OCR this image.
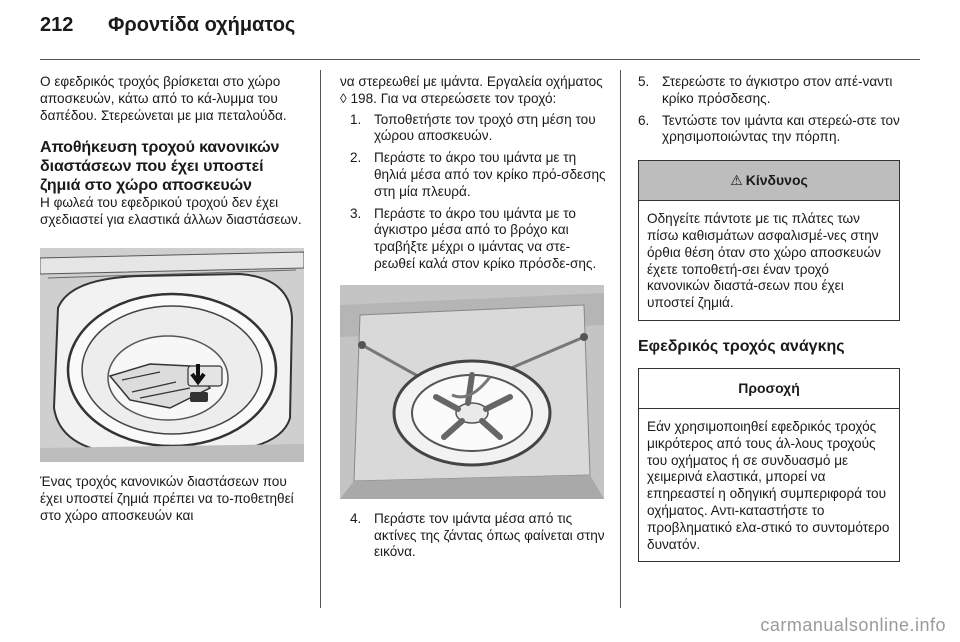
212	Φροντίδα οχήματος

Ο εφεδρικός τροχός βρίσκεται στο χώρο αποσκευών, κάτω από το κά-λυμμα του δαπέδου. Στερεώνεται με μια πεταλούδα.

Αποθήκευση τροχού κανονικών διαστάσεων που έχει υποστεί ζημιά στο χώρο αποσκευών

Η φωλεά του εφεδρικού τροχού δεν έχει σχεδιαστεί για ελαστικά άλλων διαστάσεων.

Ένας τροχός κανονικών διαστάσεων που έχει υποστεί ζημιά πρέπει να το-ποθετηθεί στο χώρο αποσκευών και

να στερεωθεί με ιμάντα. Εργαλεία οχήματος ◊ 198. Για να στερεώσετε τον τροχό:

1. Τοποθετήστε τον τροχό στη μέση του χώρου αποσκευών.
2. Περάστε το άκρο του ιμάντα με τη θηλιά μέσα από τον κρίκο πρό-σδεσης στη μία πλευρά.
3. Περάστε το άκρο του ιμάντα με το άγκιστρο μέσα από το βρόχο και τραβήξτε μέχρι ο ιμάντας να στε-ρεωθεί καλά στον κρίκο πρόσδε-σης.
4. Περάστε τον ιμάντα μέσα από τις ακτίνες της ζάντας όπως φαίνεται στην εικόνα.
5. Στερεώστε το άγκιστρο στον απέ-ναντι κρίκο πρόσδεσης.
6. Τεντώστε τον ιμάντα και στερεώ-στε τον χρησιμοποιώντας την πόρπη.
⚠ Κίνδυνος
Οδηγείτε πάντοτε με τις πλάτες των πίσω καθισμάτων ασφαλισμέ-νες στην όρθια θέση όταν στο χώρο αποσκευών έχετε τοποθετή-σει έναν τροχό κανονικών διαστά-σεων που έχει υποστεί ζημιά.
Εφεδρικός τροχός ανάγκης
Προσοχή
Εάν χρησιμοποιηθεί εφεδρικός τροχός μικρότερος από τους άλ-λους τροχούς του οχήματος ή σε συνδυασμό με χειμερινά ελαστικά, μπορεί να επηρεαστεί η οδηγική συμπεριφορά του οχήματος. Αντι-καταστήστε το προβληματικό ελα-στικό το συντομότερο δυνατόν.
carmanualsonline.info
